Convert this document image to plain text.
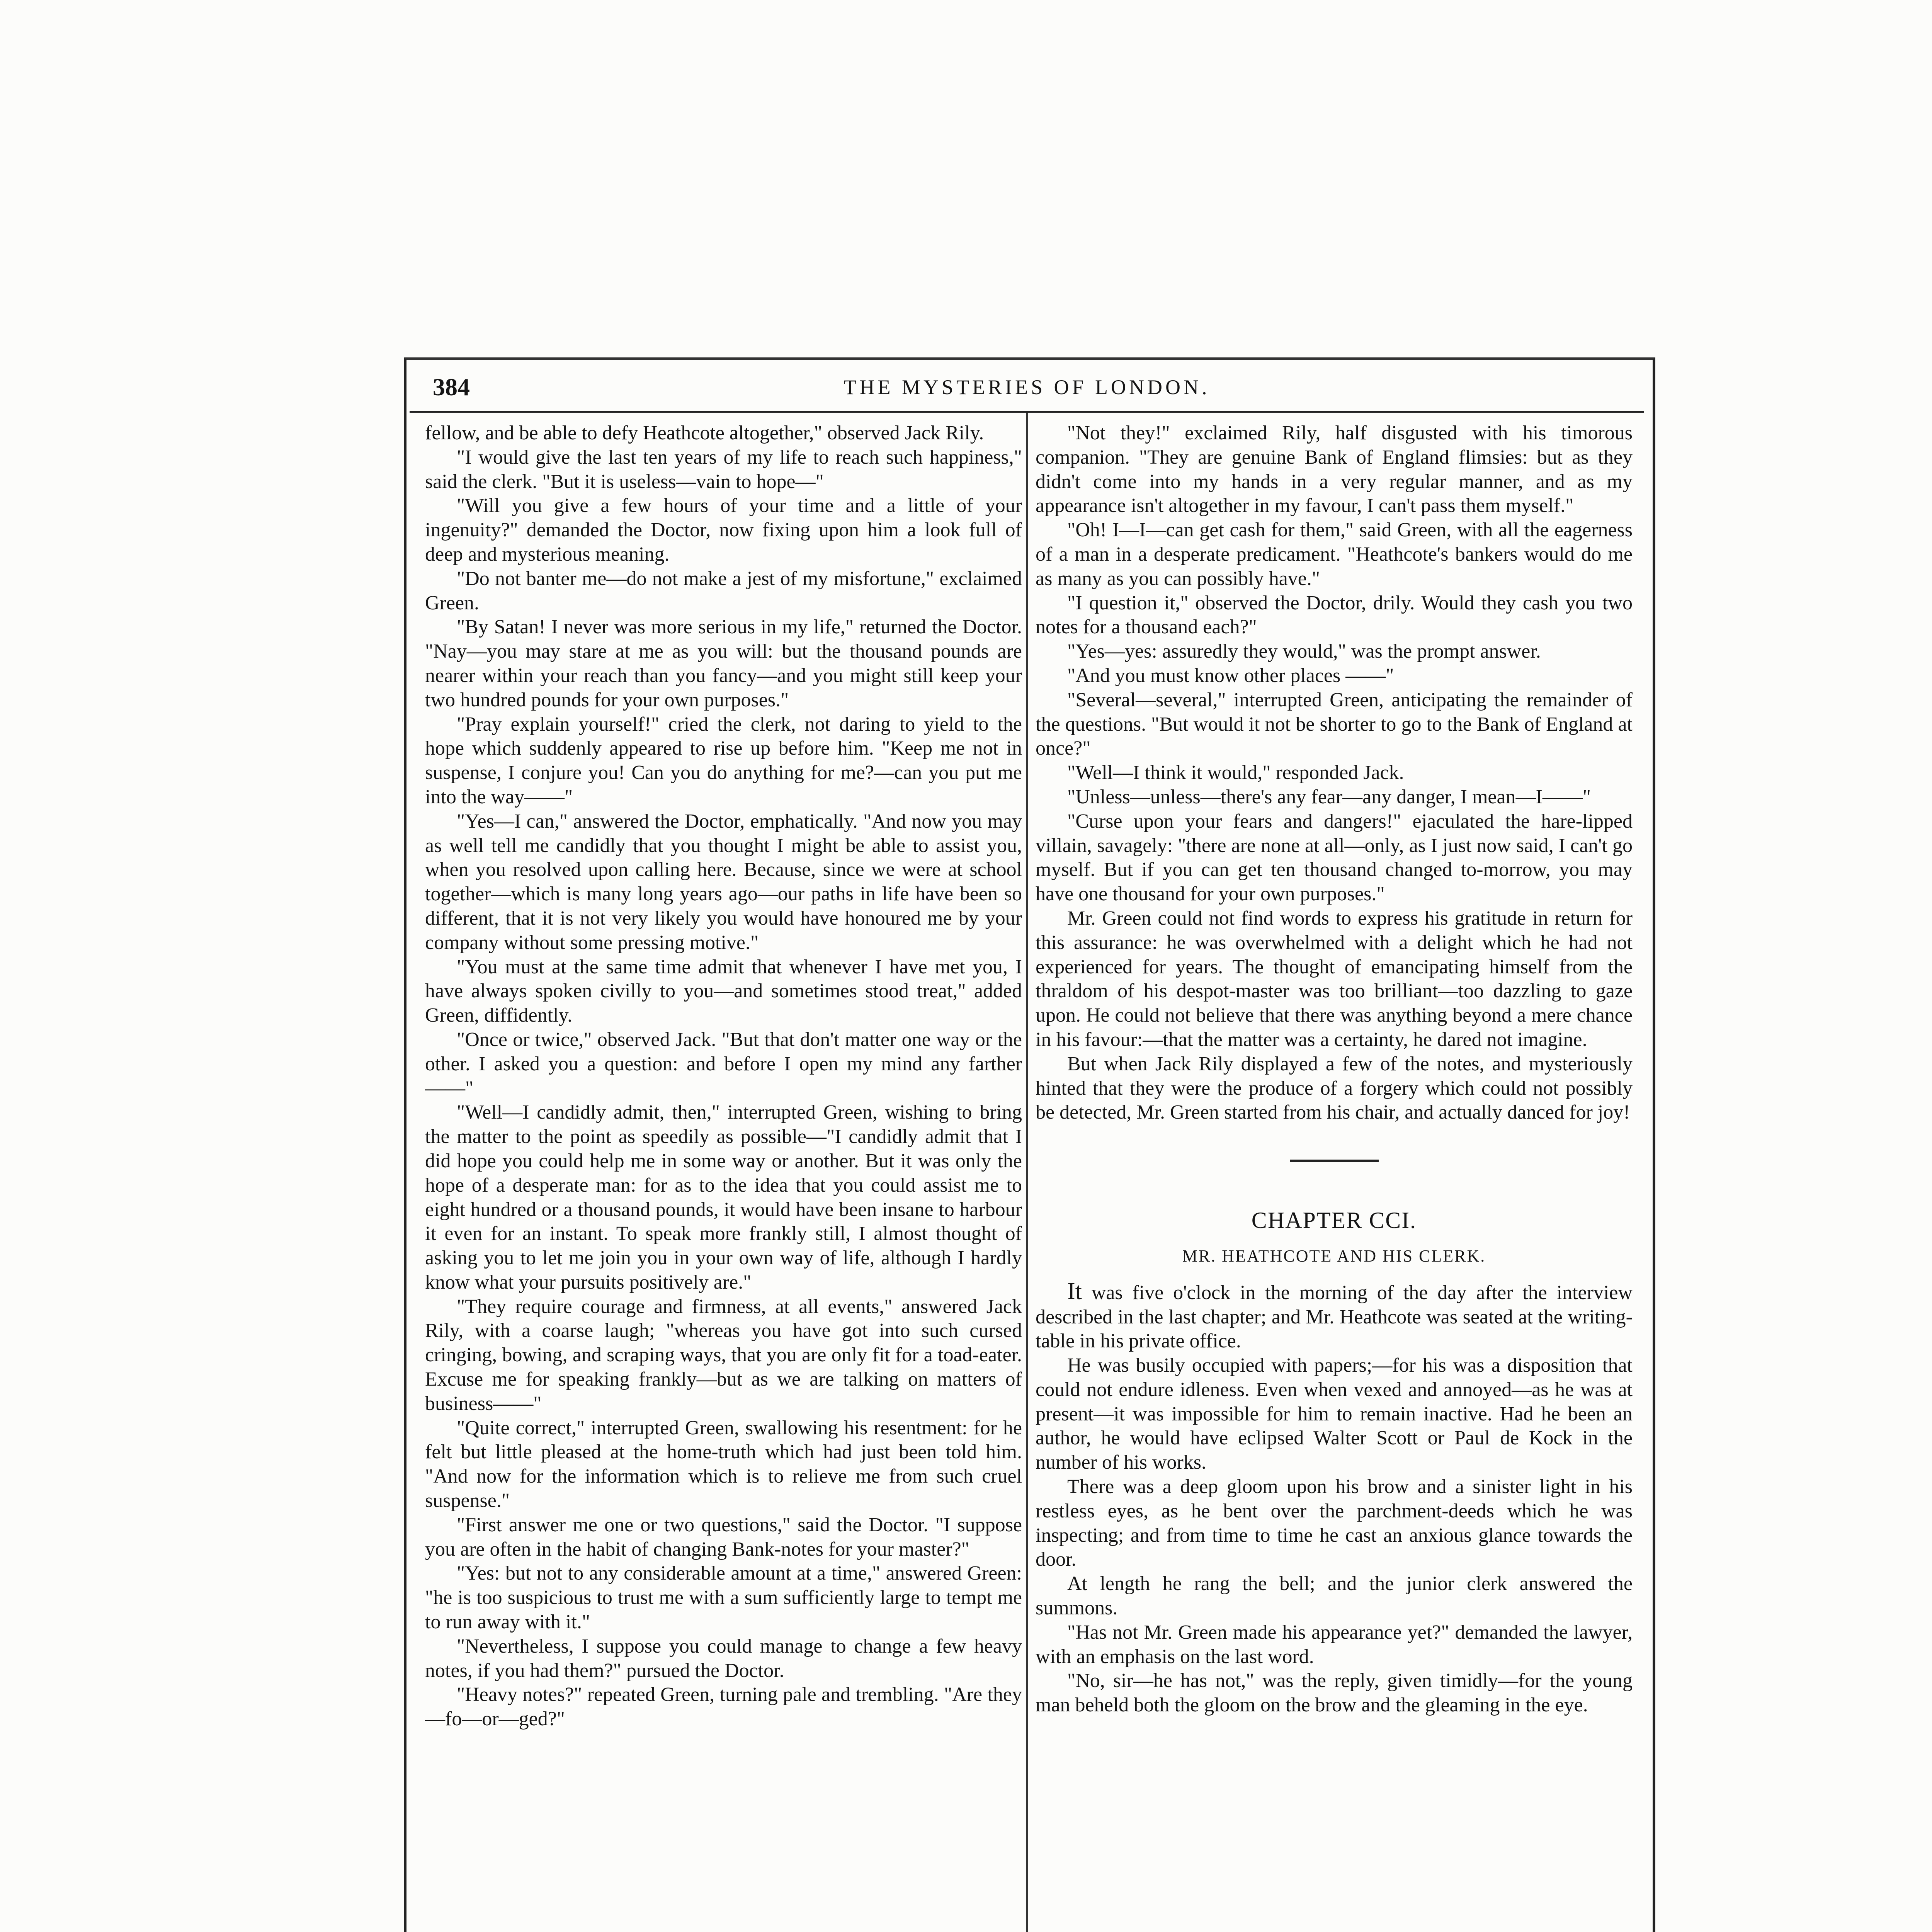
384	THE MYSTERIES OF LONDON.

fellow, and be able to defy Heathcote altogether," observed Jack Rily.

"I would give the last ten years of my life to reach such happiness," said the clerk. "But it is useless—vain to hope—"

"Will you give a few hours of your time and a little of your ingenuity?" demanded the Doctor, now fixing upon him a look full of deep and mysterious meaning.

"Do not banter me—do not make a jest of my misfortune," exclaimed Green.

"By Satan! I never was more serious in my life," returned the Doctor. "Nay—you may stare at me as you will: but the thousand pounds are nearer within your reach than you fancy—and you might still keep your two hundred pounds for your own purposes."

"Pray explain yourself!" cried the clerk, not daring to yield to the hope which suddenly appeared to rise up before him. "Keep me not in suspense, I conjure you! Can you do anything for me?—can you put me into the way——"

"Yes—I can," answered the Doctor, emphatically. "And now you may as well tell me candidly that you thought I might be able to assist you, when you resolved upon calling here. Because, since we were at school together—which is many long years ago—our paths in life have been so different, that it is not very likely you would have honoured me by your company without some pressing motive."

"You must at the same time admit that whenever I have met you, I have always spoken civilly to you—and sometimes stood treat," added Green, diffidently.

"Once or twice," observed Jack. "But that don't matter one way or the other. I asked you a question: and before I open my mind any farther——"

"Well—I candidly admit, then," interrupted Green, wishing to bring the matter to the point as speedily as possible—"I candidly admit that I did hope you could help me in some way or another. But it was only the hope of a desperate man: for as to the idea that you could assist me to eight hundred or a thousand pounds, it would have been insane to harbour it even for an instant. To speak more frankly still, I almost thought of asking you to let me join you in your own way of life, although I hardly know what your pursuits positively are."

"They require courage and firmness, at all events," answered Jack Rily, with a coarse laugh; "whereas you have got into such cursed cringing, bowing, and scraping ways, that you are only fit for a toad-eater. Excuse me for speaking frankly—but as we are talking on matters of business——"

"Quite correct," interrupted Green, swallowing his resentment: for he felt but little pleased at the home-truth which had just been told him. "And now for the information which is to relieve me from such cruel suspense."

"First answer me one or two questions," said the Doctor. "I suppose you are often in the habit of changing Bank-notes for your master?"

"Yes: but not to any considerable amount at a time," answered Green: "he is too suspicious to trust me with a sum sufficiently large to tempt me to run away with it."

"Nevertheless, I suppose you could manage to change a few heavy notes, if you had them?" pursued the Doctor.

"Heavy notes?" repeated Green, turning pale and trembling. "Are they—fo—or—ged?"

"Not they!" exclaimed Rily, half disgusted with his timorous companion. "They are genuine Bank of England flimsies: but as they didn't come into my hands in a very regular manner, and as my appearance isn't altogether in my favour, I can't pass them myself."

"Oh! I—I—can get cash for them," said Green, with all the eagerness of a man in a desperate predicament. "Heathcote's bankers would do me as many as you can possibly have."

"I question it," observed the Doctor, drily. Would they cash you two notes for a thousand each?"

"Yes—yes: assuredly they would," was the prompt answer.

"And you must know other places ——"

"Several—several," interrupted Green, anticipating the remainder of the questions. "But would it not be shorter to go to the Bank of England at once?"

"Well—I think it would," responded Jack.

"Unless—unless—there's any fear—any danger, I mean—I——"

"Curse upon your fears and dangers!" ejaculated the hare-lipped villain, savagely: "there are none at all—only, as I just now said, I can't go myself. But if you can get ten thousand changed to-morrow, you may have one thousand for your own purposes."

Mr. Green could not find words to express his gratitude in return for this assurance: he was overwhelmed with a delight which he had not experienced for years. The thought of emancipating himself from the thraldom of his despot-master was too brilliant—too dazzling to gaze upon. He could not believe that there was anything beyond a mere chance in his favour:—that the matter was a certainty, he dared not imagine.

But when Jack Rily displayed a few of the notes, and mysteriously hinted that they were the produce of a forgery which could not possibly be detected, Mr. Green started from his chair, and actually danced for joy!

CHAPTER CCI.
MR. HEATHCOTE AND HIS CLERK.

It was five o'clock in the morning of the day after the interview described in the last chapter; and Mr. Heathcote was seated at the writing-table in his private office.

He was busily occupied with papers;—for his was a disposition that could not endure idleness. Even when vexed and annoyed—as he was at present—it was impossible for him to remain inactive. Had he been an author, he would have eclipsed Walter Scott or Paul de Kock in the number of his works.

There was a deep gloom upon his brow and a sinister light in his restless eyes, as he bent over the parchment-deeds which he was inspecting; and from time to time he cast an anxious glance towards the door.

At length he rang the bell; and the junior clerk answered the summons.

"Has not Mr. Green made his appearance yet?" demanded the lawyer, with an emphasis on the last word.

"No, sir—he has not," was the reply, given timidly—for the young man beheld both the gloom on the brow and the gleaming in the eye.
